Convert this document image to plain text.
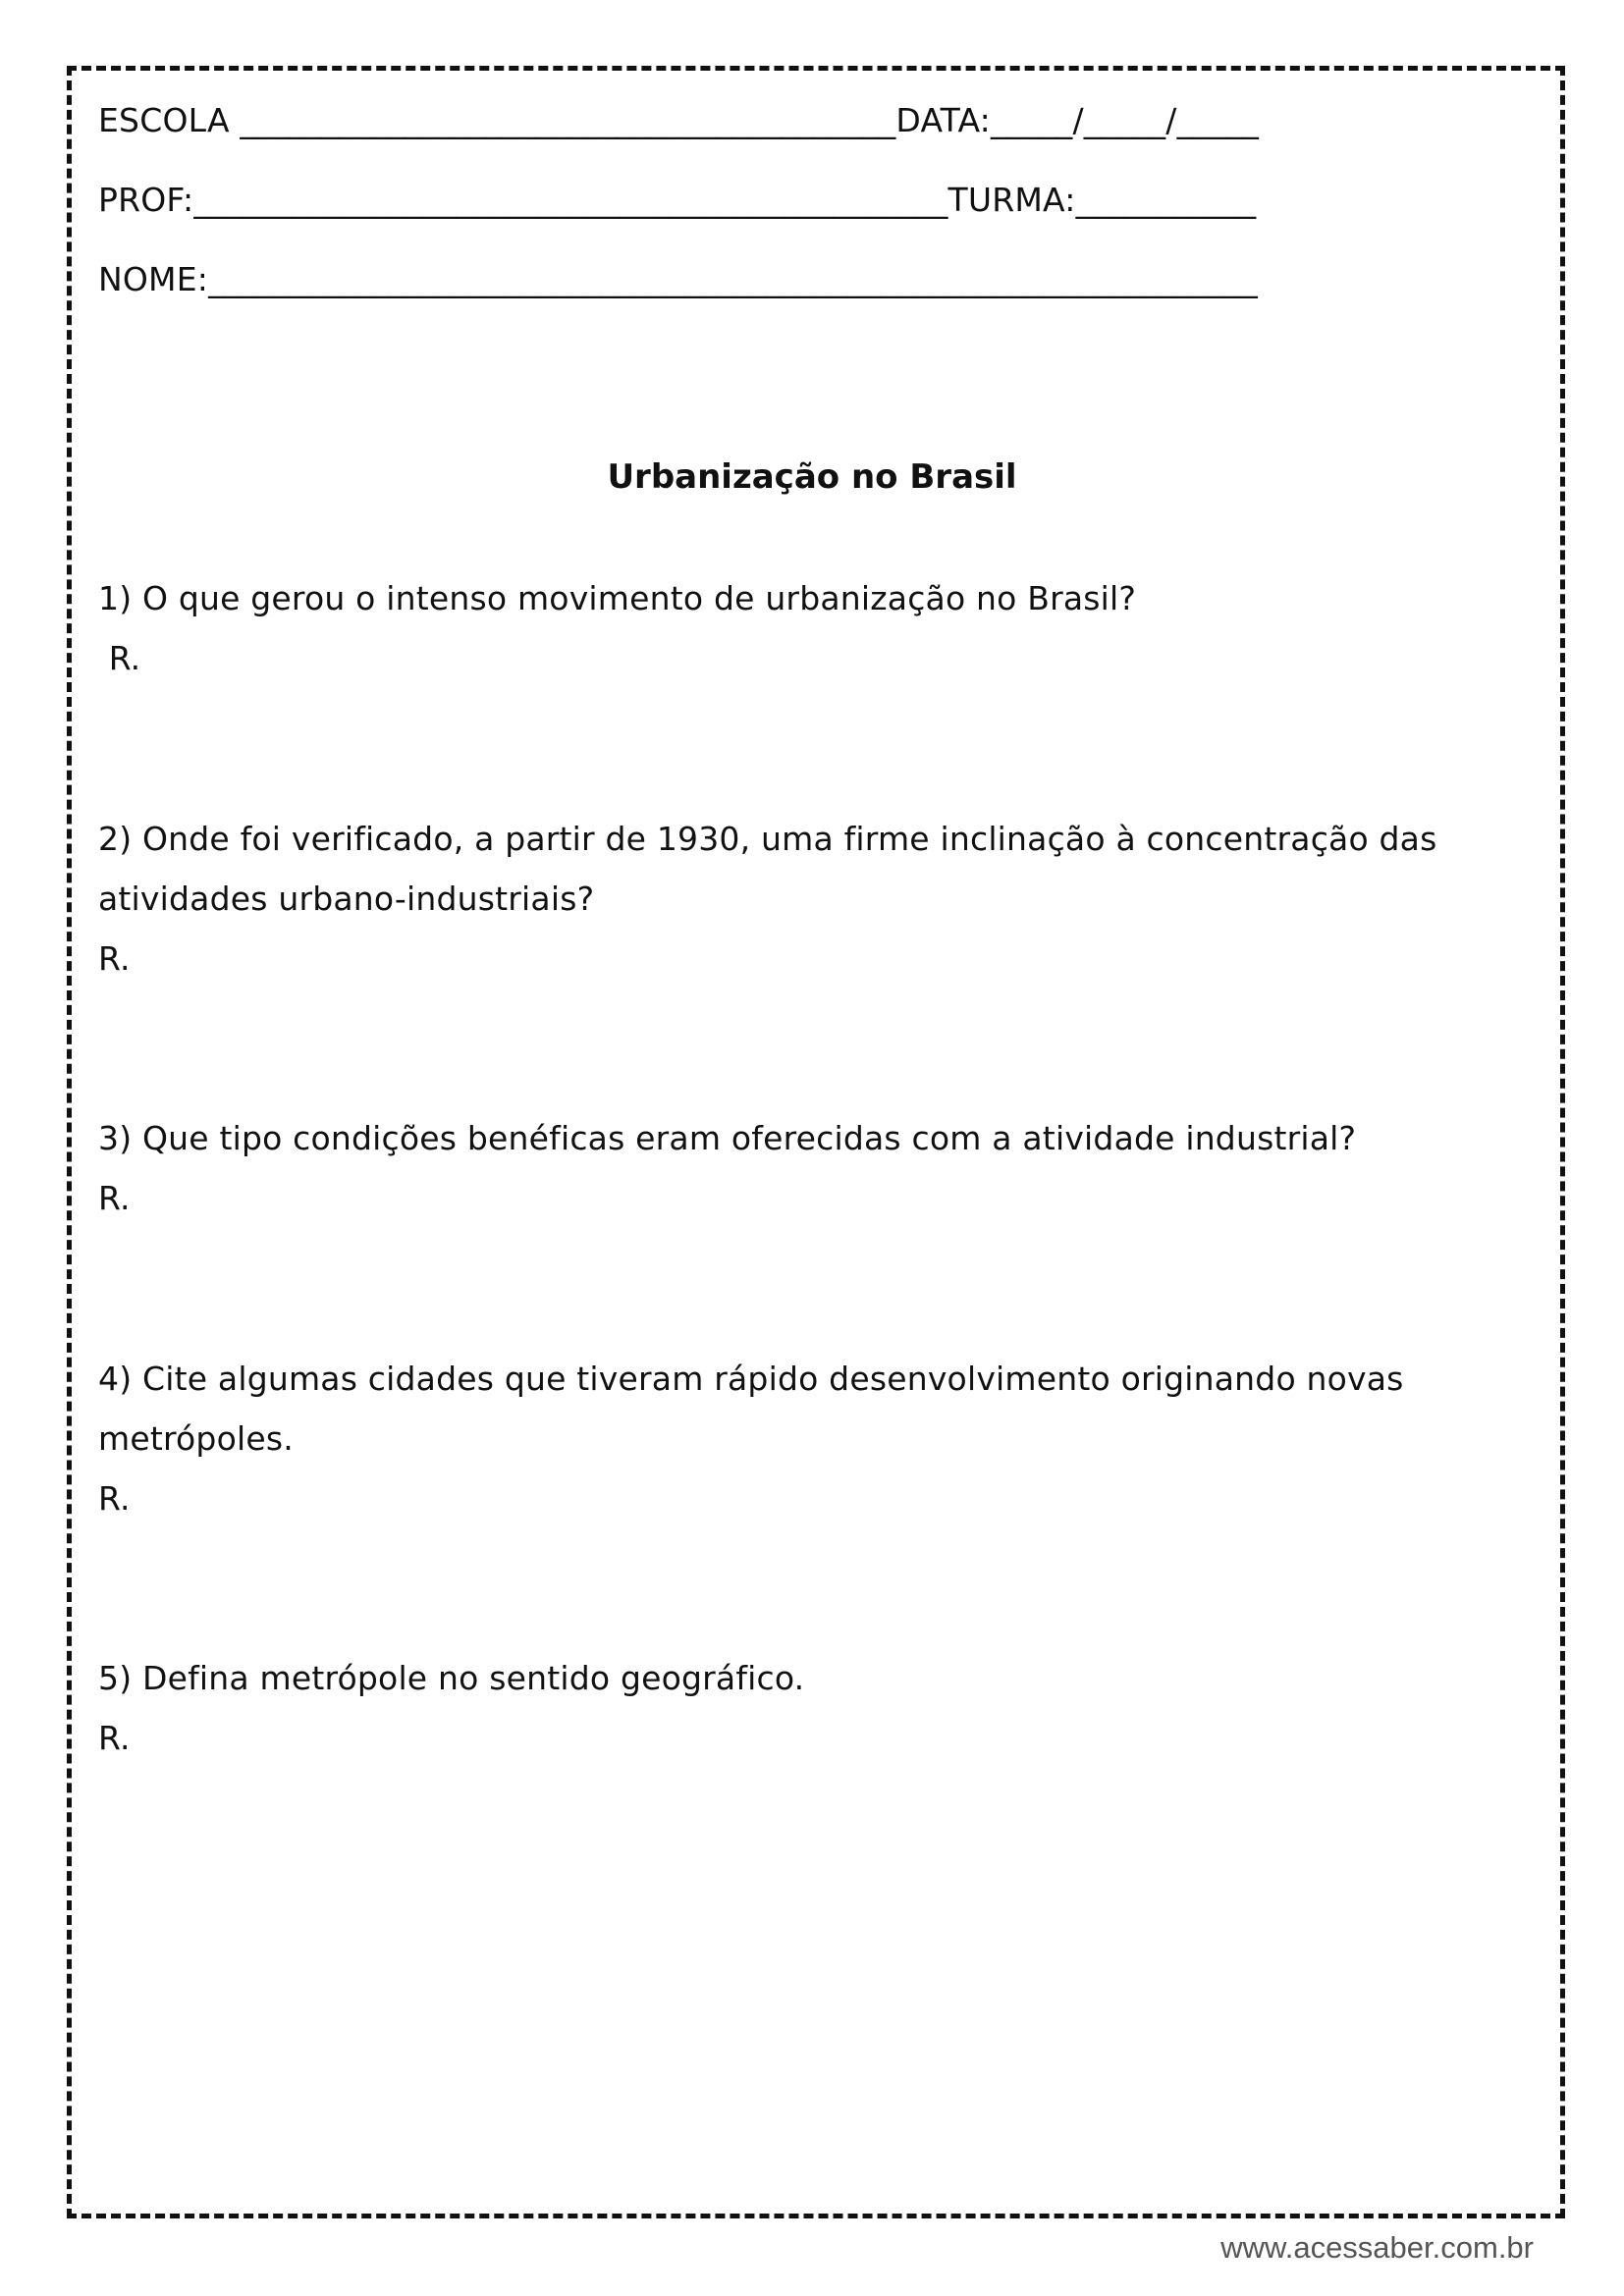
ESCOLA ________________________________________DATA:_____/_____/_____
PROF:______________________________________________TURMA:___________
NOME:________________________________________________________________
Urbanização no Brasil
1) O que gerou o intenso movimento de urbanização no Brasil?
R.
2) Onde foi verificado, a partir de 1930, uma firme inclinação à concentração das
atividades urbano-industriais?
R.
3) Que tipo condições benéficas eram oferecidas com a atividade industrial?
R.
4) Cite algumas cidades que tiveram rápido desenvolvimento originando novas
metrópoles.
R.
5) Defina metrópole no sentido geográfico.
R.
www.acessaber.com.br
